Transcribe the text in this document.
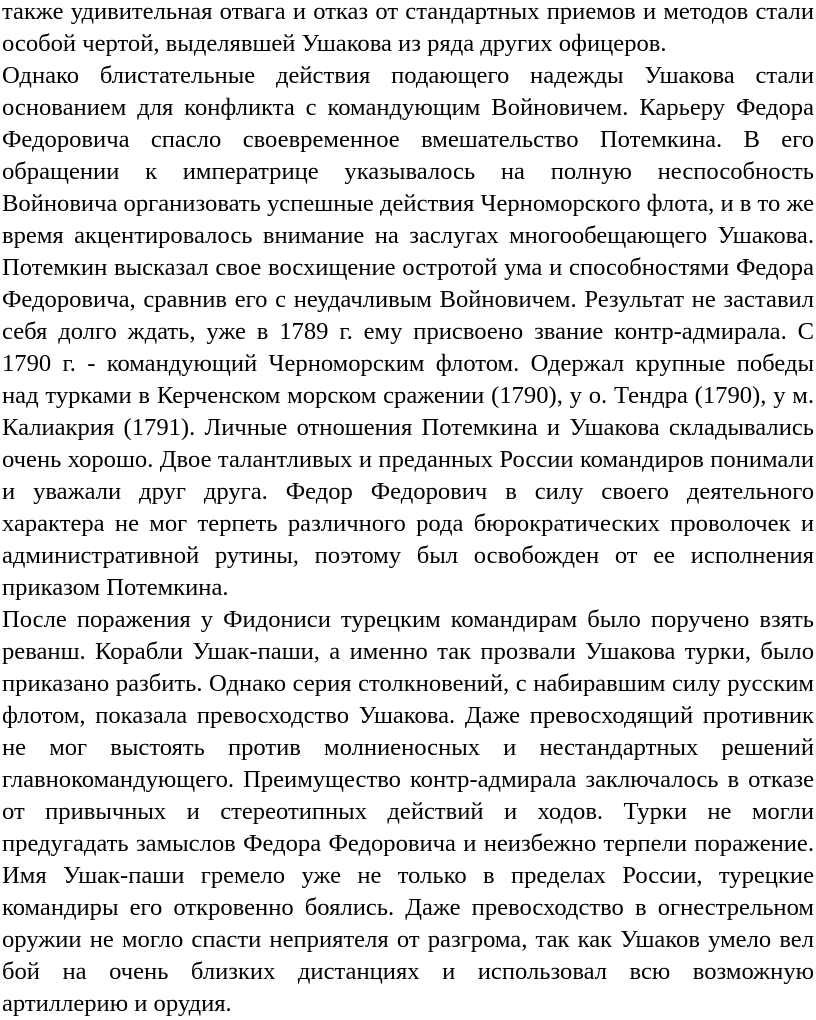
также удивительная отвага и отказ от стандартных приемов и методов стали особой чертой, выделявшей Ушакова из ряда других офицеров.

Однако блистательные действия подающего надежды Ушакова стали основанием для конфликта с командующим Войновичем. Карьеру Федора Федоровича спасло своевременное вмешательство Потемкина. В его обращении к императрице указывалось на полную неспособность Войновича организовать успешные действия Черноморского флота, и в то же время акцентировалось внимание на заслугах многообещающего Ушакова. Потемкин высказал свое восхищение остротой ума и способностями Федора Федоровича, сравнив его с неудачливым Войновичем. Результат не заставил себя долго ждать, уже в 1789 г. ему присвоено звание контр-адмирала. С 1790 г. - командующий Черноморским флотом. Одержал крупные победы над турками в Керченском морском сражении (1790), у о. Тендра (1790), у м. Калиакрия (1791). Личные отношения Потемкина и Ушакова складывались очень хорошо. Двое талантливых и преданных России командиров понимали и уважали друг друга. Федор Федорович в силу своего деятельного характера не мог терпеть различного рода бюрократических проволочек и административной рутины, поэтому был освобожден от ее исполнения приказом Потемкина.

После поражения у Фидониси турецким командирам было поручено взять реванш. Корабли Ушак-паши, а именно так прозвали Ушакова турки, было приказано разбить. Однако серия столкновений, с набиравшим силу русским флотом, показала превосходство Ушакова. Даже превосходящий противник не мог выстоять против молниеносных и нестандартных решений главнокомандующего. Преимущество контр-адмирала заключалось в отказе от привычных и стереотипных действий и ходов. Турки не могли предугадать замыслов Федора Федоровича и неизбежно терпели поражение. Имя Ушак-паши гремело уже не только в пределах России, турецкие командиры его откровенно боялись. Даже превосходство в огнестрельном оружии не могло спасти неприятеля от разгрома, так как Ушаков умело вел бой на очень близких дистанциях и использовал всю возможную артиллерию и орудия.
